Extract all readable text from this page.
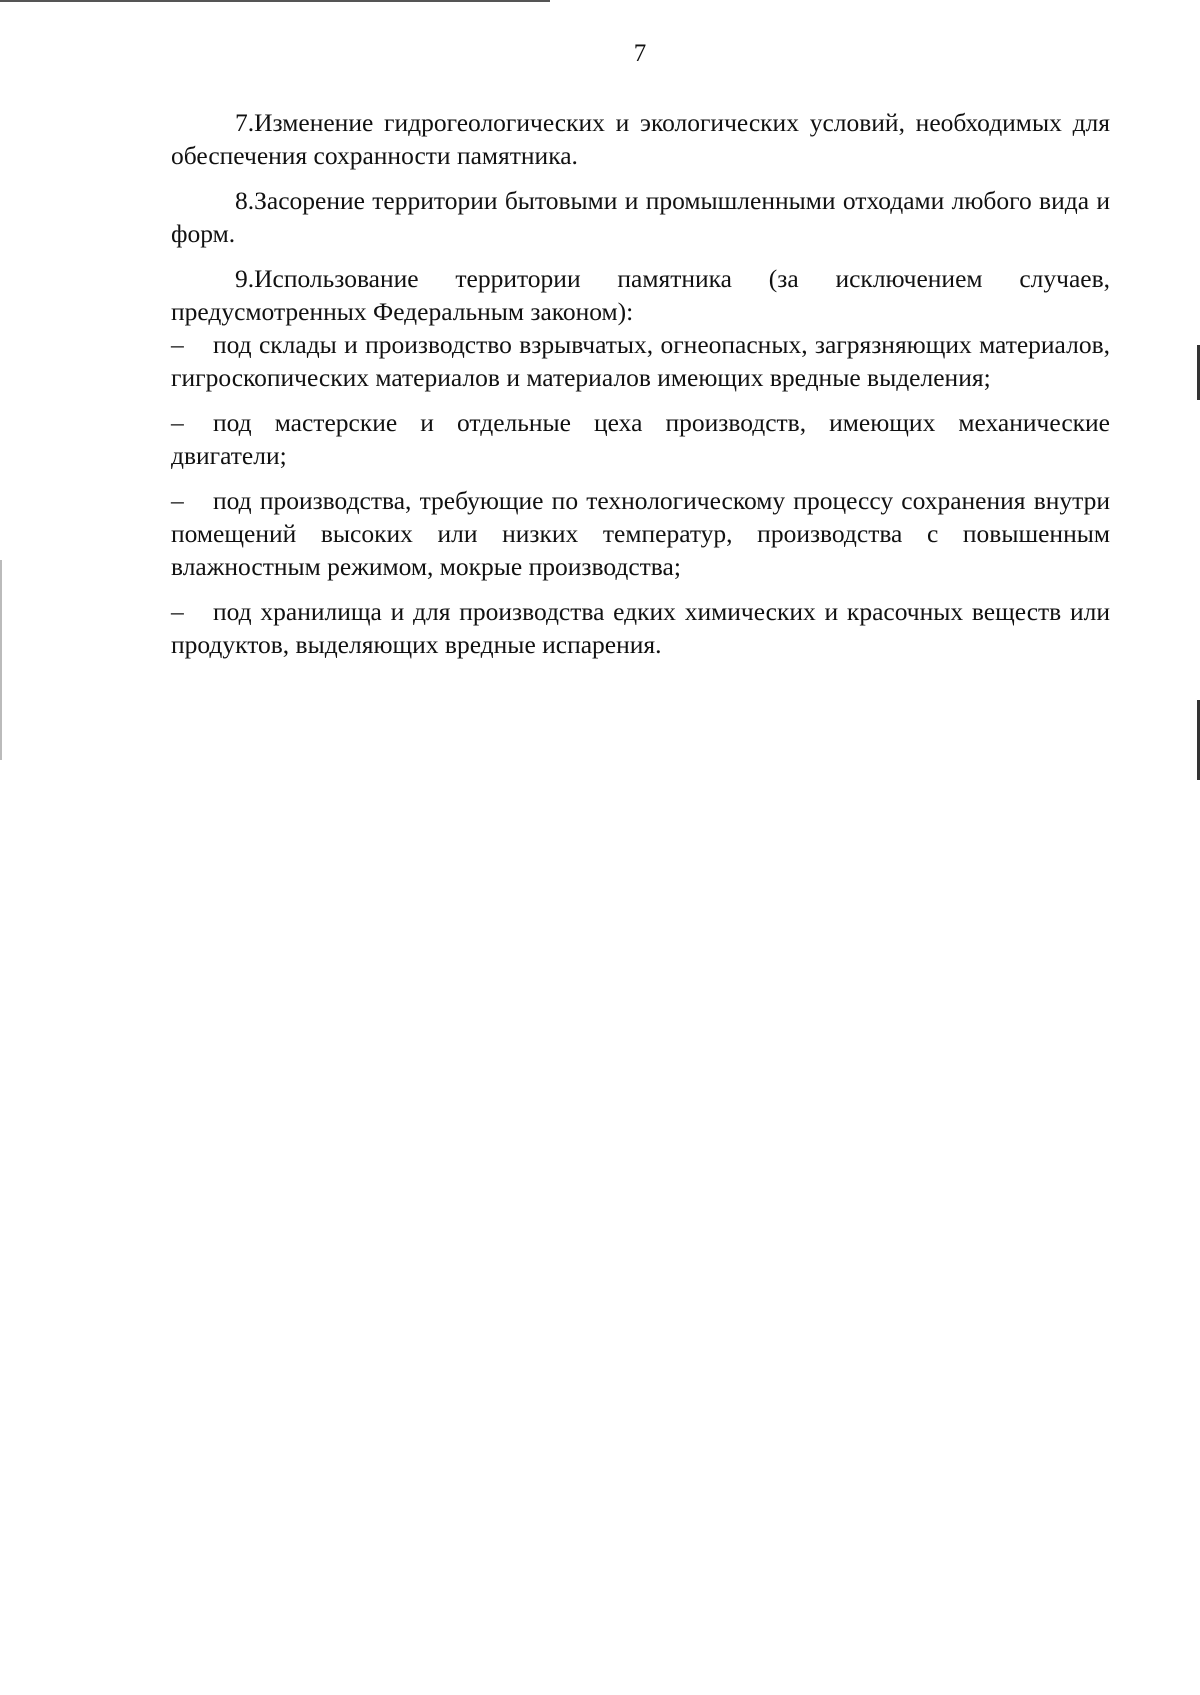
7

7.Изменение гидрогеологических и экологических условий, необходимых для обеспечения сохранности памятника.

8.Засорение территории бытовыми и промышленными отходами любого вида и форм.

9.Использование территории памятника (за исключением случаев, предусмотренных Федеральным законом):

– под склады и производство взрывчатых, огнеопасных, загрязняющих материалов, гигроскопических материалов и материалов имеющих вредные выделения;

– под мастерские и отдельные цеха производств, имеющих механические двигатели;

– под производства, требующие по технологическому процессу сохранения внутри помещений высоких или низких температур, производства с повышенным влажностным режимом, мокрые производства;

– под хранилища и для производства едких химических и красочных веществ или продуктов, выделяющих вредные испарения.
